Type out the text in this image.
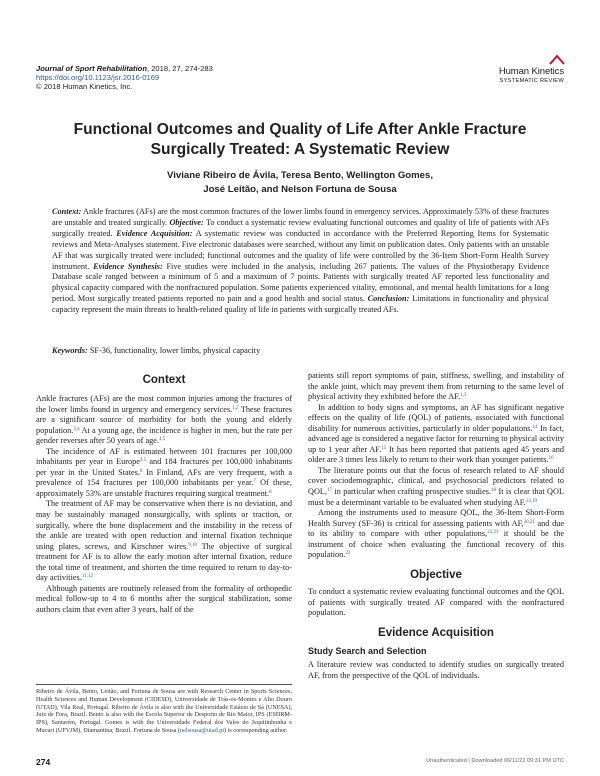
Journal of Sport Rehabilitation, 2018, 27, 274-283
https://doi.org/10.1123/jsr.2016-0169
© 2018 Human Kinetics, Inc.
Human Kinetics
SYSTEMATIC REVIEW
Functional Outcomes and Quality of Life After Ankle Fracture
Surgically Treated: A Systematic Review
Viviane Ribeiro de Ávila, Teresa Bento, Wellington Gomes,
José Leitão, and Nelson Fortuna de Sousa
Context: Ankle fractures (AFs) are the most common fractures of the lower limbs found in emergency services. Approximately 53% of these fractures are unstable and treated surgically. Objective: To conduct a systematic review evaluating functional outcomes and quality of life of patients with AFs surgically treated. Evidence Acquisition: A systematic review was conducted in accordance with the Preferred Reporting Items for Systematic reviews and Meta-Analyses statement. Five electronic databases were searched, without any limit on publication dates. Only patients with an unstable AF that was surgically treated were included; functional outcomes and the quality of life were controlled by the 36-Item Short-Form Health Survey instrument. Evidence Synthesis: Five studies were included in the analysis, including 267 patients. The values of the Physiotherapy Evidence Database scale ranged between a minimum of 5 and a maximum of 7 points. Patients with surgically treated AF reported less functionality and physical capacity compared with the nonfractured population. Some patients experienced vitality, emotional, and mental health limitations for a long period. Most surgically treated patients reported no pain and a good health and social status. Conclusion: Limitations in functionality and physical capacity represent the main threats to health-related quality of life in patients with surgically treated AFs.
Keywords: SF-36, functionality, lower limbs, physical capacity
Context

Ankle fractures (AFs) are the most common injuries among the fractures of the lower limbs found in urgency and emergency services.$^{1,2}$ These fractures are a significant source of morbidity for both the young and elderly population.$^{3,4}$ At a young age, the incidence is higher in men, but the rate per gender reverses after 50 years of age.$^{4,5}$

The incidence of AF is estimated between 101 fractures per 100,000 inhabitants per year in Europe$^{3,5}$ and 184 fractures per 100,000 inhabitants per year in the United States.$^6$ In Finland, AFs are very frequent, with a prevalence of 154 fractures per 100,000 inhabitants per year.$^7$ Of these, approximately 53% are unstable fractures requiring surgical treatment.$^8$

The treatment of AF may be conservative when there is no deviation, and may be sustainably managed nonsurgically, with splints or traction, or surgically, where the bone displacement and the instability in the recess of the ankle are treated with open reduction and internal fixation technique using plates, screws, and Kirschner wires.$^{9,10}$ The objective of surgical treatment for AF is to allow the early motion after internal fixation, reduce the total time of treatment, and shorten the time required to return to day-to-day activities.$^{11,12}$

Although patients are routinely released from the formality of orthopedic medical follow-up to 4 to 6 months after the surgical stabilization, some authors claim that even after 3 years, half of the

Ribeiro de Ávila, Bento, Leitão, and Fortuna de Sousa are with Research Center in Sports Sciences, Health Sciences and Human Development (CIDESD), Universidade de Trás-os-Montes e Alto Douro (UTAD), Vila Real, Portugal. Ribeiro de Ávila is also with the Universidade Estácio de Sá (UNESA), Juiz de Fora, Brazil. Bento is also with the Escola Superior de Desporto de Rio Maior, IPS (ESDRM-IPS), Santarém, Portugal. Gomes is with the Universidade Federal dos Vales do Jequitinhonha e Mucuri (UFVJM), Diamantina, Brazil. Fortuna de Sousa (nelsousa@utad.pt) is corresponding author.

patients still report symptoms of pain, stiffness, swelling, and instability of the ankle joint, which may prevent them from returning to the same level of physical activity they exhibited before the AF.$^{1,3}$

In addition to body signs and symptoms, an AF has significant negative effects on the quality of life (QOL) of patients, associated with functional disability for numerous activities, particularly in older populations.$^{14}$ In fact, advanced age is considered a negative factor for returning to physical activity up to 1 year after AF.$^{15}$ It has been reported that patients aged 45 years and older are 3 times less likely to return to their work than younger patients.$^{16}$

The literature points out that the focus of research related to AF should cover sociodemographic, clinical, and psychosocial predictors related to QOL,$^{17}$ in particular when crafting prospective studies.$^{18}$ It is clear that QOL must be a determinant variable to be evaluated when studying AF.$^{13,19}$

Among the instruments used to measure QOL, the 36-Item Short-Form Health Survey (SF-36) is critical for assessing patients with AF,$^{20,21}$ and due to its ability to compare with other populations,$^{22,23}$ it should be the instrument of choice when evaluating the functional recovery of this population.$^{22}$

Objective

To conduct a systematic review evaluating functional outcomes and the QOL of patients with surgically treated AF compared with the nonfractured population.

Evidence Acquisition
Study Search and Selection

A literature review was conducted to identify studies on surgically treated AF, from the perspective of the QOL of individuals.

274	Unauthenticated | Downloaded 06/11/22 09:31 PM UTC
